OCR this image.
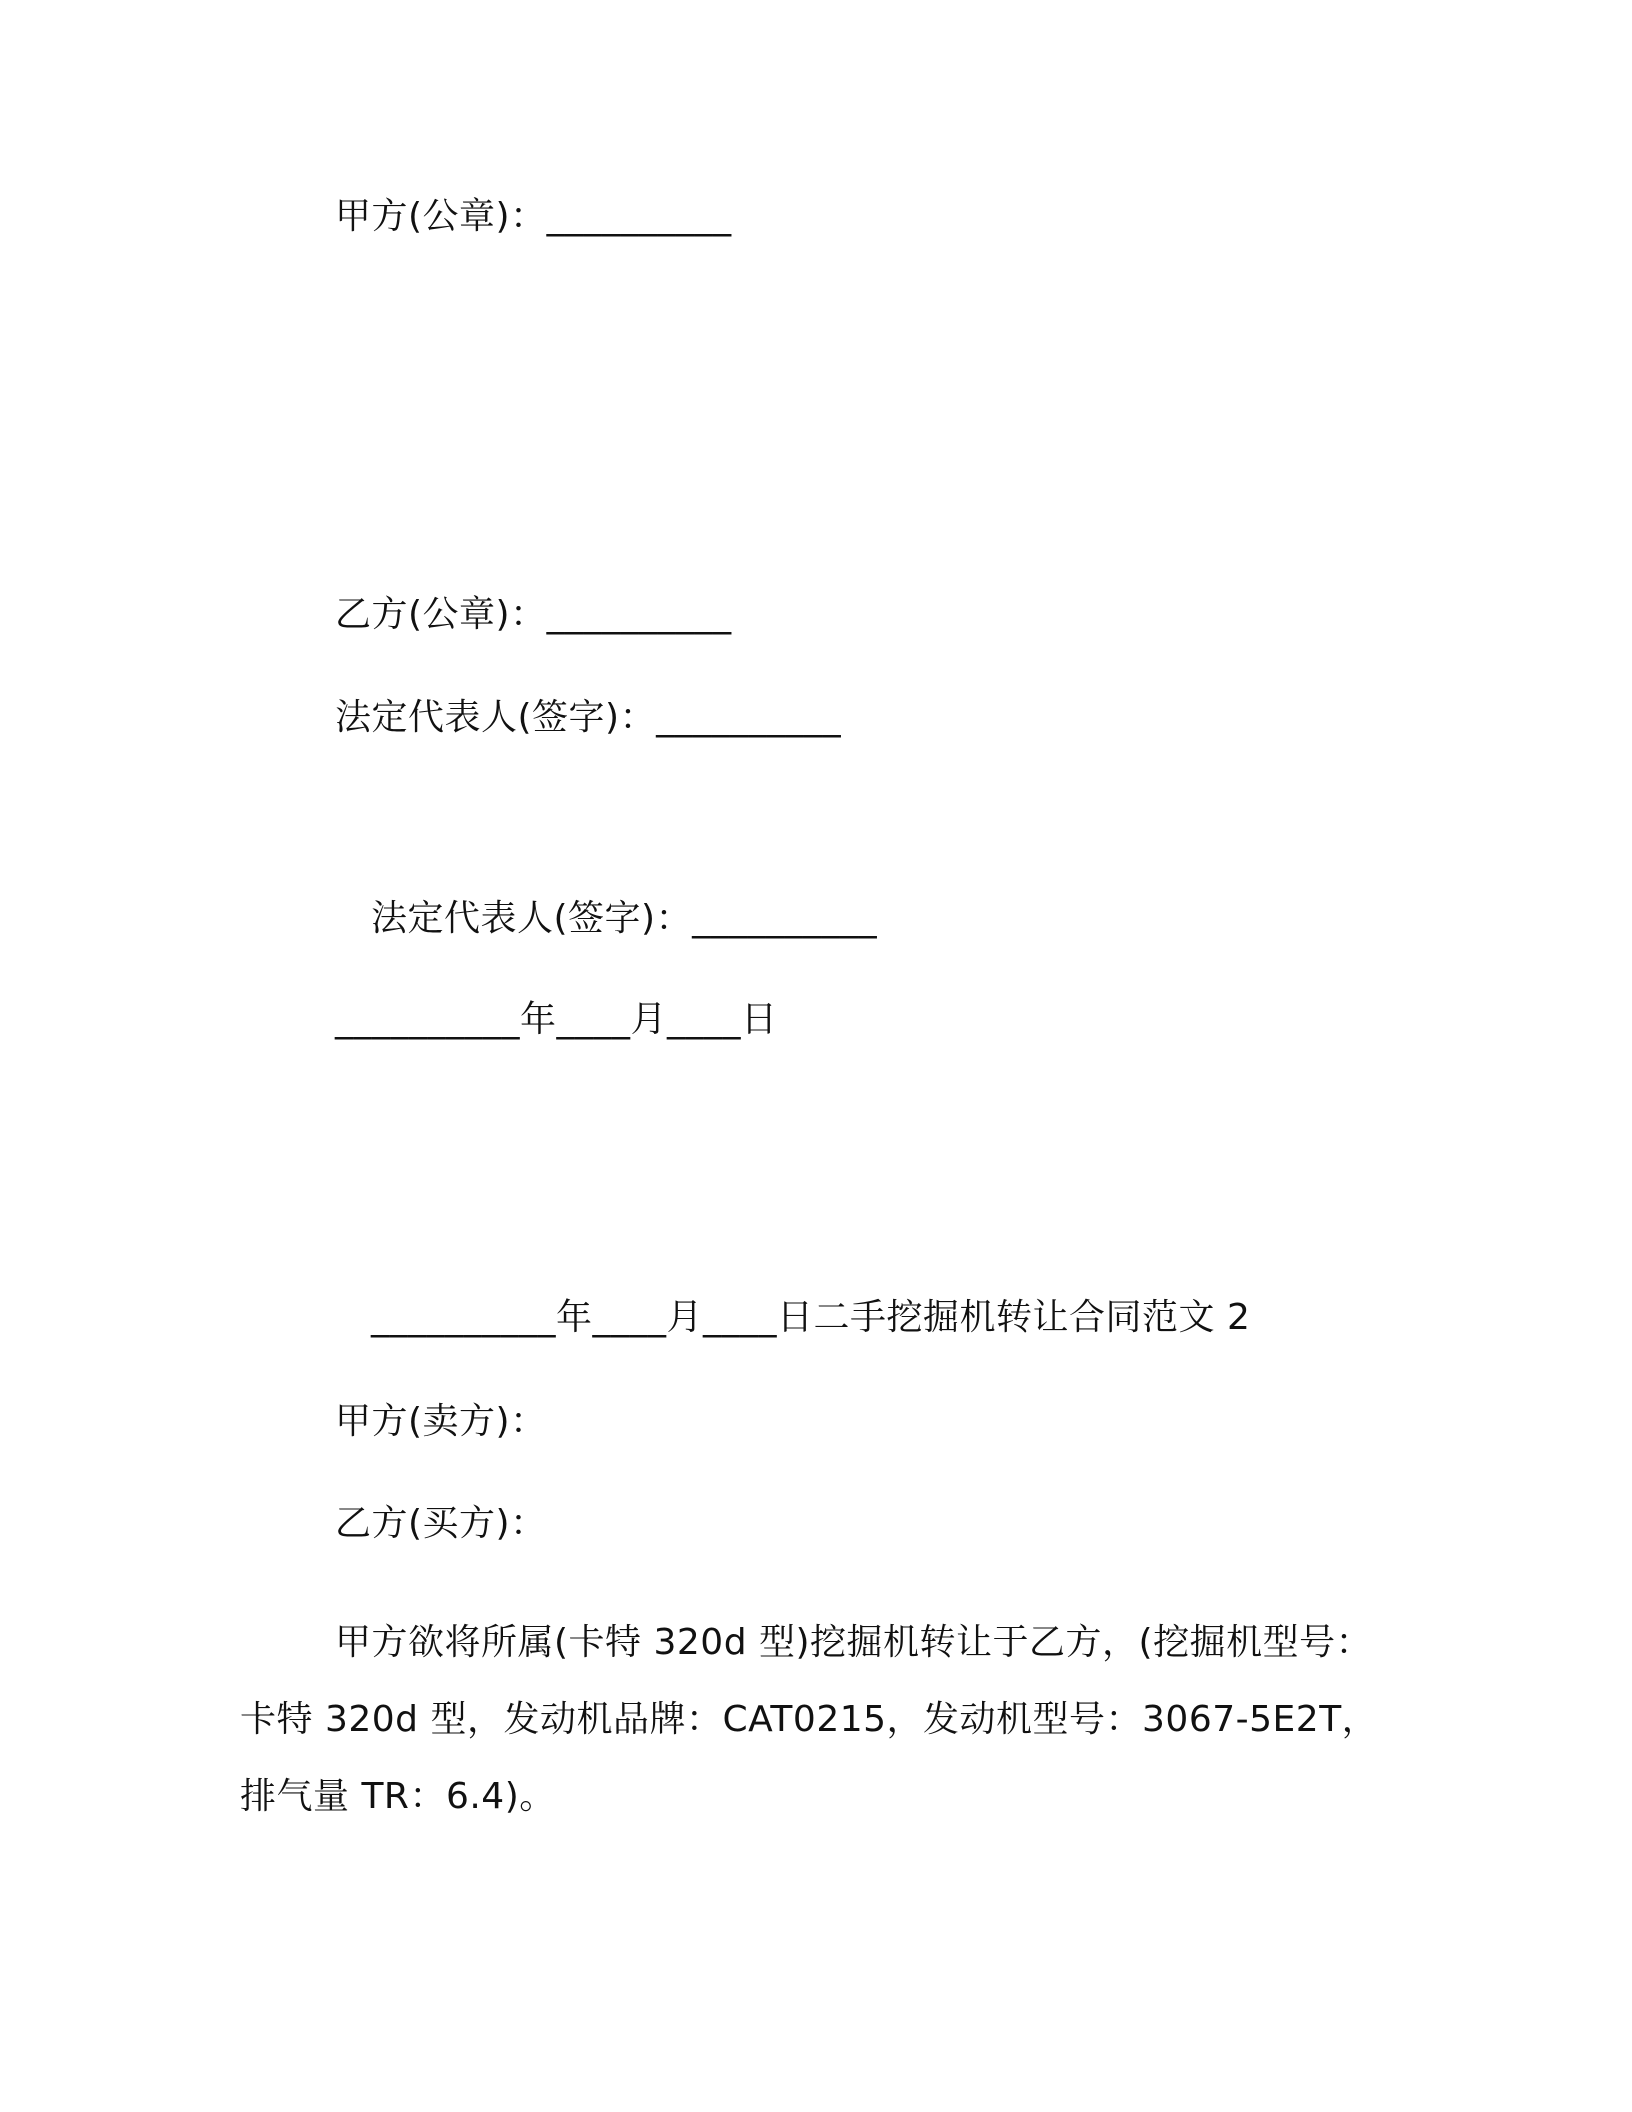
甲方(公章)：__________
乙方(公章)：__________
法定代表人(签字)：__________
法定代表人(签字)：__________
__________年____月____日
__________年____月____日二手挖掘机转让合同范文 2
甲方(卖方)：
乙方(买方)：
甲方欲将所属(卡特 320d 型)挖掘机转让于乙方，(挖掘机型号：
卡特 320d 型，发动机品牌：CAT0215，发动机型号：3067-5E2T，
排气量 TR：6.4)。
